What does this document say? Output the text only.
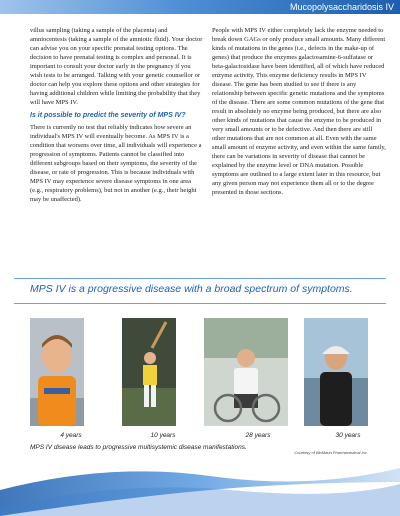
Mucopolysaccharidosis IV

villus sampling (taking a sample of the placenta) and amniocentesis (taking a sample of the amniotic fluid). Your doctor can advise you on your specific prenatal testing options. The decision to have prenatal testing is complex and personal. It is important to consult your doctor early in the pregnancy if you wish tests to be arranged. Talking with your genetic counsellor or doctor can help you explore these options and other strategies for having additional children while limiting the probability that they will have MPS IV.

Is it possible to predict the severity of MPS IV?

There is currently no test that reliably indicates how severe an individual's MPS IV will eventually become. As MPS IV is a condition that worsens over time, all individuals will experience a progression of symptoms. Patients cannot be classified into different subgroups based on their symptoms, the severity of the disease, or rate of progression. This is because individuals with MPS IV may experience severe disease symptoms in one area (e.g., respiratory problems), but not in another (e.g., their height may be unaffected).

People with MPS IV either completely lack the enzyme needed to break down GAGs or only produce small amounts. Many different kinds of mutations in the genes (i.e., defects in the make-up of genes) that produce the enzymes galactosamine-6-sulfatase or beta-galactosidase have been identified, all of which have reduced enzyme activity. This enzyme deficiency results in MPS IV disease. The gene has been studied to see if there is any relationship between specific genetic mutations and the symptoms of the disease. There are some common mutations of the gene that result in absolutely no enzyme being produced, but there are also other kinds of mutations that cause the enzyme to be produced in very small amounts or to be defective. And then there are still other mutations that are not common at all. Even with the same small amount of enzyme activity, and even within the same family, there can be variations in severity of disease that cannot be explained by the enzyme level or DNA mutation. Possible symptoms are outlined to a large extent later in this resource, but any given person may not experience them all or to the degree presented in those sections.

MPS IV is a progressive disease with a broad spectrum of symptoms.
4 years	10 years	28 years	30 years
MPS IV disease leads to progressive multisystemic disease manifestations.
Courtesy of BioMarin Pharmaceutical Inc.
